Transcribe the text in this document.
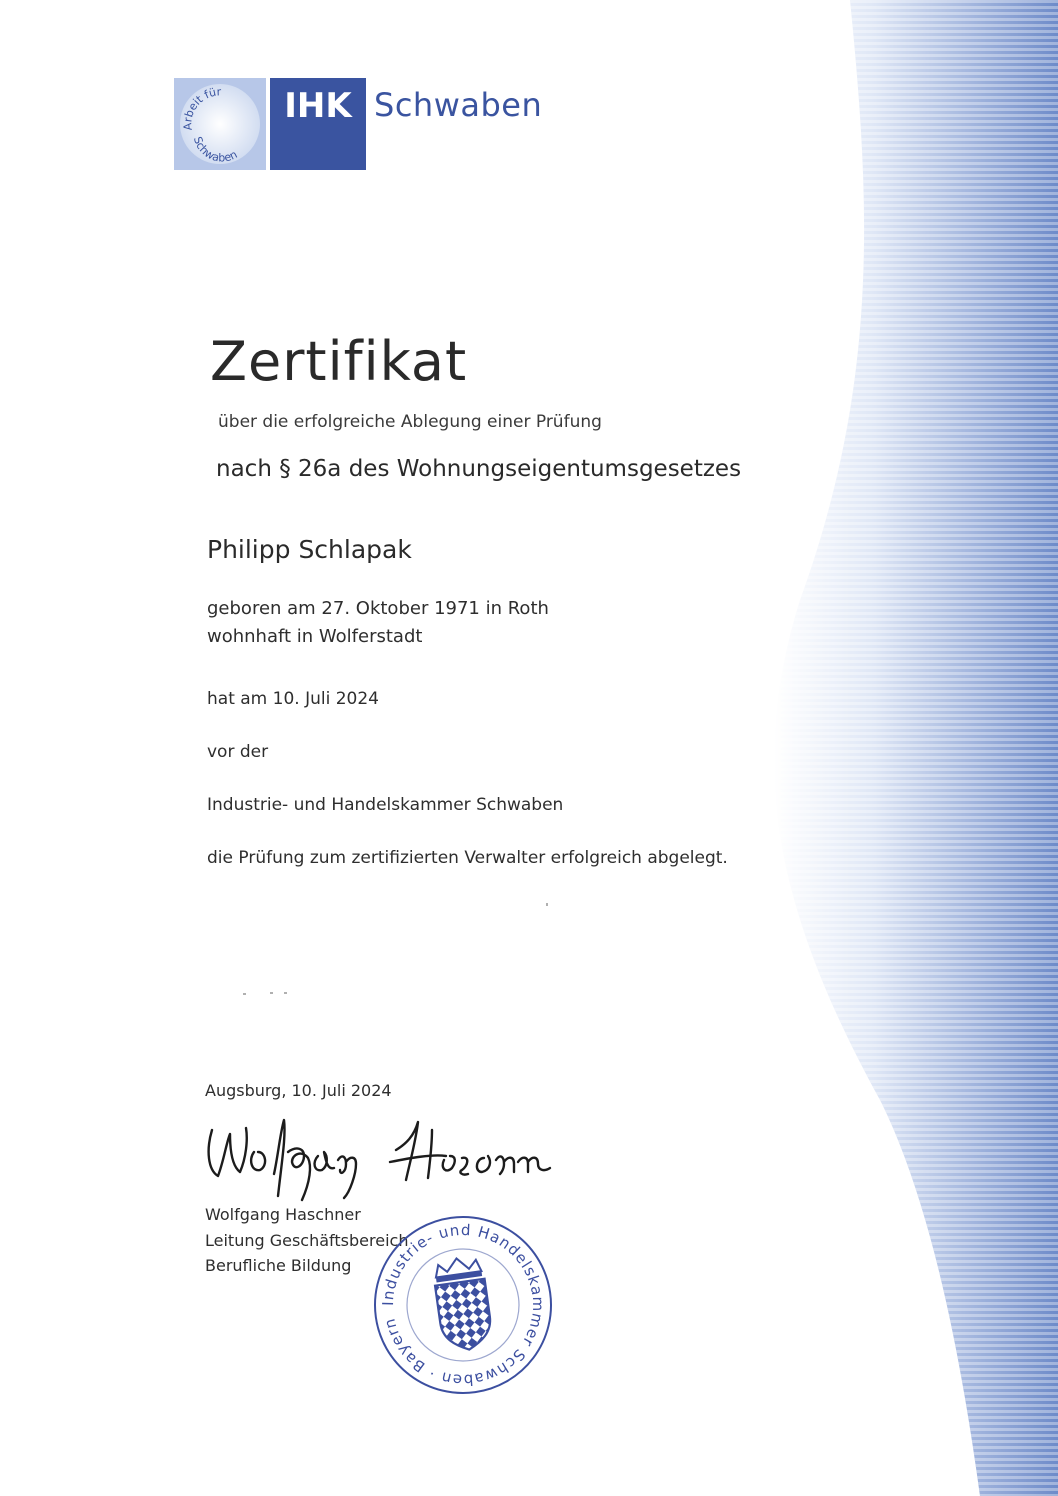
Arbeit für
Schwaben
IHK Schwaben
Zertifikat
über die erfolgreiche Ablegung einer Prüfung
nach § 26a des Wohnungseigentumsgesetzes
Philipp Schlapak
geboren am 27. Oktober 1971 in Roth
wohnhaft in Wolferstadt
hat am 10. Juli 2024
vor der
Industrie- und Handelskammer Schwaben
die Prüfung zum zertifizierten Verwalter erfolgreich abgelegt.
Augsburg, 10. Juli 2024
Wolfgang Haschner
Leitung Geschäftsbereich
Berufliche Bildung
Industrie- und Handelskammer Schwaben · Bayern
